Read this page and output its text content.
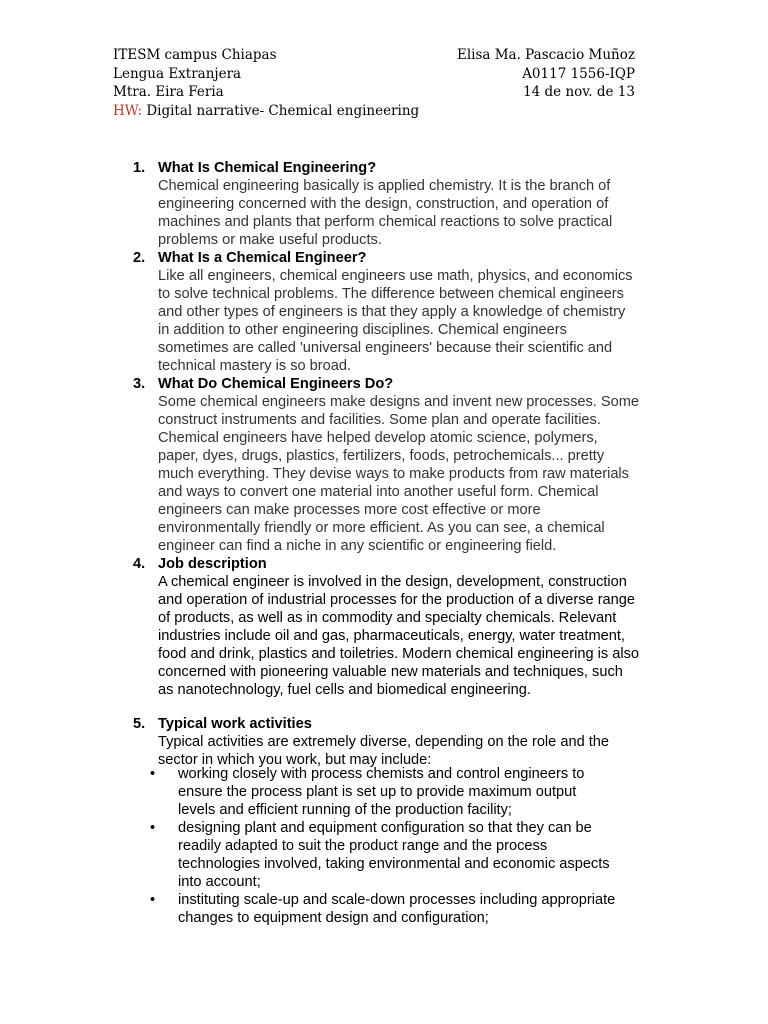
ITESM campus Chiapas	Elisa Ma. Pascacio Muñoz
Lengua Extranjera	A0117 1556-IQP
Mtra. Eira Feria	14 de nov. de 13
HW: Digital narrative- Chemical engineering
1. What Is Chemical Engineering?
Chemical engineering basically is applied chemistry. It is the branch of
engineering concerned with the design, construction, and operation of
machines and plants that perform chemical reactions to solve practical
problems or make useful products.
2. What Is a Chemical Engineer?
Like all engineers, chemical engineers use math, physics, and economics
to solve technical problems. The difference between chemical engineers
and other types of engineers is that they apply a knowledge of chemistry
in addition to other engineering disciplines. Chemical engineers
sometimes are called 'universal engineers' because their scientific and
technical mastery is so broad.
3. What Do Chemical Engineers Do?
Some chemical engineers make designs and invent new processes. Some
construct instruments and facilities. Some plan and operate facilities.
Chemical engineers have helped develop atomic science, polymers,
paper, dyes, drugs, plastics, fertilizers, foods, petrochemicals... pretty
much everything. They devise ways to make products from raw materials
and ways to convert one material into another useful form. Chemical
engineers can make processes more cost effective or more
environmentally friendly or more efficient. As you can see, a chemical
engineer can find a niche in any scientific or engineering field.
4. Job description
A chemical engineer is involved in the design, development, construction
and operation of industrial processes for the production of a diverse range
of products, as well as in commodity and specialty chemicals. Relevant
industries include oil and gas, pharmaceuticals, energy, water treatment,
food and drink, plastics and toiletries. Modern chemical engineering is also
concerned with pioneering valuable new materials and techniques, such
as nanotechnology, fuel cells and biomedical engineering.
5. Typical work activities
Typical activities are extremely diverse, depending on the role and the
sector in which you work, but may include:
• working closely with process chemists and control engineers to
ensure the process plant is set up to provide maximum output
levels and efficient running of the production facility;
• designing plant and equipment configuration so that they can be
readily adapted to suit the product range and the process
technologies involved, taking environmental and economic aspects
into account;
• instituting scale-up and scale-down processes including appropriate
changes to equipment design and configuration;
